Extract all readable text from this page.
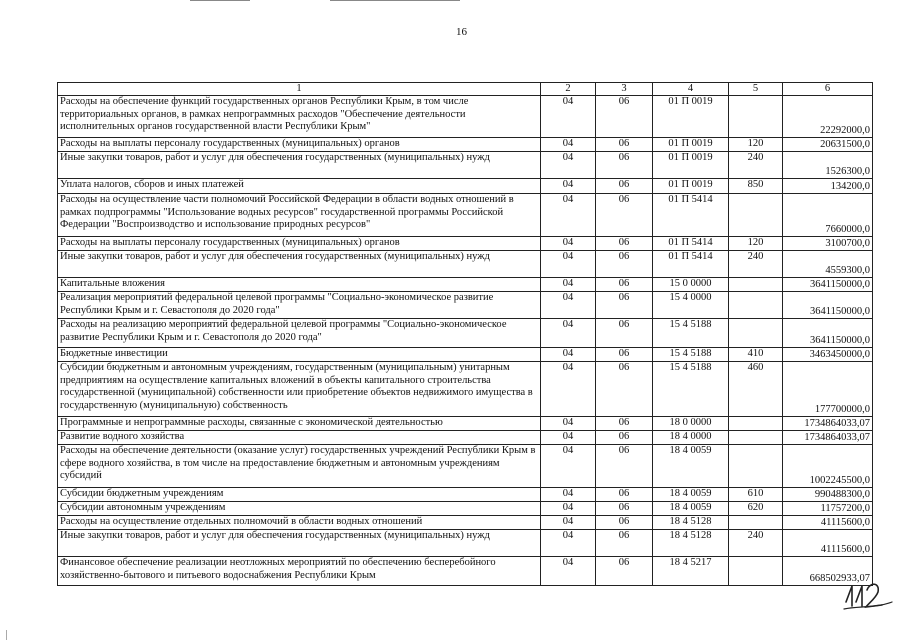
16
1	2	3	4	5	6
Расходы на обеспечение функций государственных органов Республики Крым, в том числе территориальных органов, в рамках непрограммных расходов "Обеспечение деятельности исполнительных органов государственной власти Республики Крым"	04	06	01 П 0019		22292000,0
Расходы на выплаты персоналу государственных (муниципальных) органов	04	06	01 П 0019	120	20631500,0
Иные закупки товаров, работ и услуг для обеспечения государственных (муниципальных) нужд	04	06	01 П 0019	240	1526300,0
Уплата налогов, сборов и иных платежей	04	06	01 П 0019	850	134200,0
Расходы на осуществление части полномочий Российской Федерации в области водных отношений в рамках подпрограммы "Использование водных ресурсов" государственной программы Российской Федерации "Воспроизводство и использование природных ресурсов"	04	06	01 П 5414		7660000,0
Расходы на выплаты персоналу государственных (муниципальных) органов	04	06	01 П 5414	120	3100700,0
Иные закупки товаров, работ и услуг для обеспечения государственных (муниципальных) нужд	04	06	01 П 5414	240	4559300,0
Капитальные вложения	04	06	15 0 0000		3641150000,0
Реализация мероприятий федеральной целевой программы "Социально-экономическое развитие Республики Крым и г. Севастополя до 2020 года"	04	06	15 4 0000		3641150000,0
Расходы на реализацию мероприятий федеральной целевой программы "Социально-экономическое развитие Республики Крым и г. Севастополя до 2020 года"	04	06	15 4 5188		3641150000,0
Бюджетные инвестиции	04	06	15 4 5188	410	3463450000,0
Субсидии бюджетным и автономным учреждениям, государственным (муниципальным) унитарным предприятиям на осуществление капитальных вложений в объекты капитального строительства государственной (муниципальной) собственности или приобретение объектов недвижимого имущества в государственную (муниципальную) собственность	04	06	15 4 5188	460	177700000,0
Программные и непрограммные расходы, связанные с экономической деятельностью	04	06	18 0 0000		1734864033,07
Развитие водного хозяйства	04	06	18 4 0000		1734864033,07
Расходы на обеспечение деятельности (оказание услуг) государственных учреждений Республики Крым в сфере водного хозяйства, в том числе на предоставление бюджетным и автономным учреждениям субсидий	04	06	18 4 0059		1002245500,0
Субсидии бюджетным учреждениям	04	06	18 4 0059	610	990488300,0
Субсидии автономным учреждениям	04	06	18 4 0059	620	11757200,0
Расходы на осуществление отдельных полномочий в области водных отношений	04	06	18 4 5128		41115600,0
Иные закупки товаров, работ и услуг для обеспечения государственных (муниципальных) нужд	04	06	18 4 5128	240	41115600,0
Финансовое обеспечение реализации неотложных мероприятий по обеспечению бесперебойного хозяйственно-бытового и питьевого водоснабжения Республики Крым	04	06	18 4 5217		668502933,07
